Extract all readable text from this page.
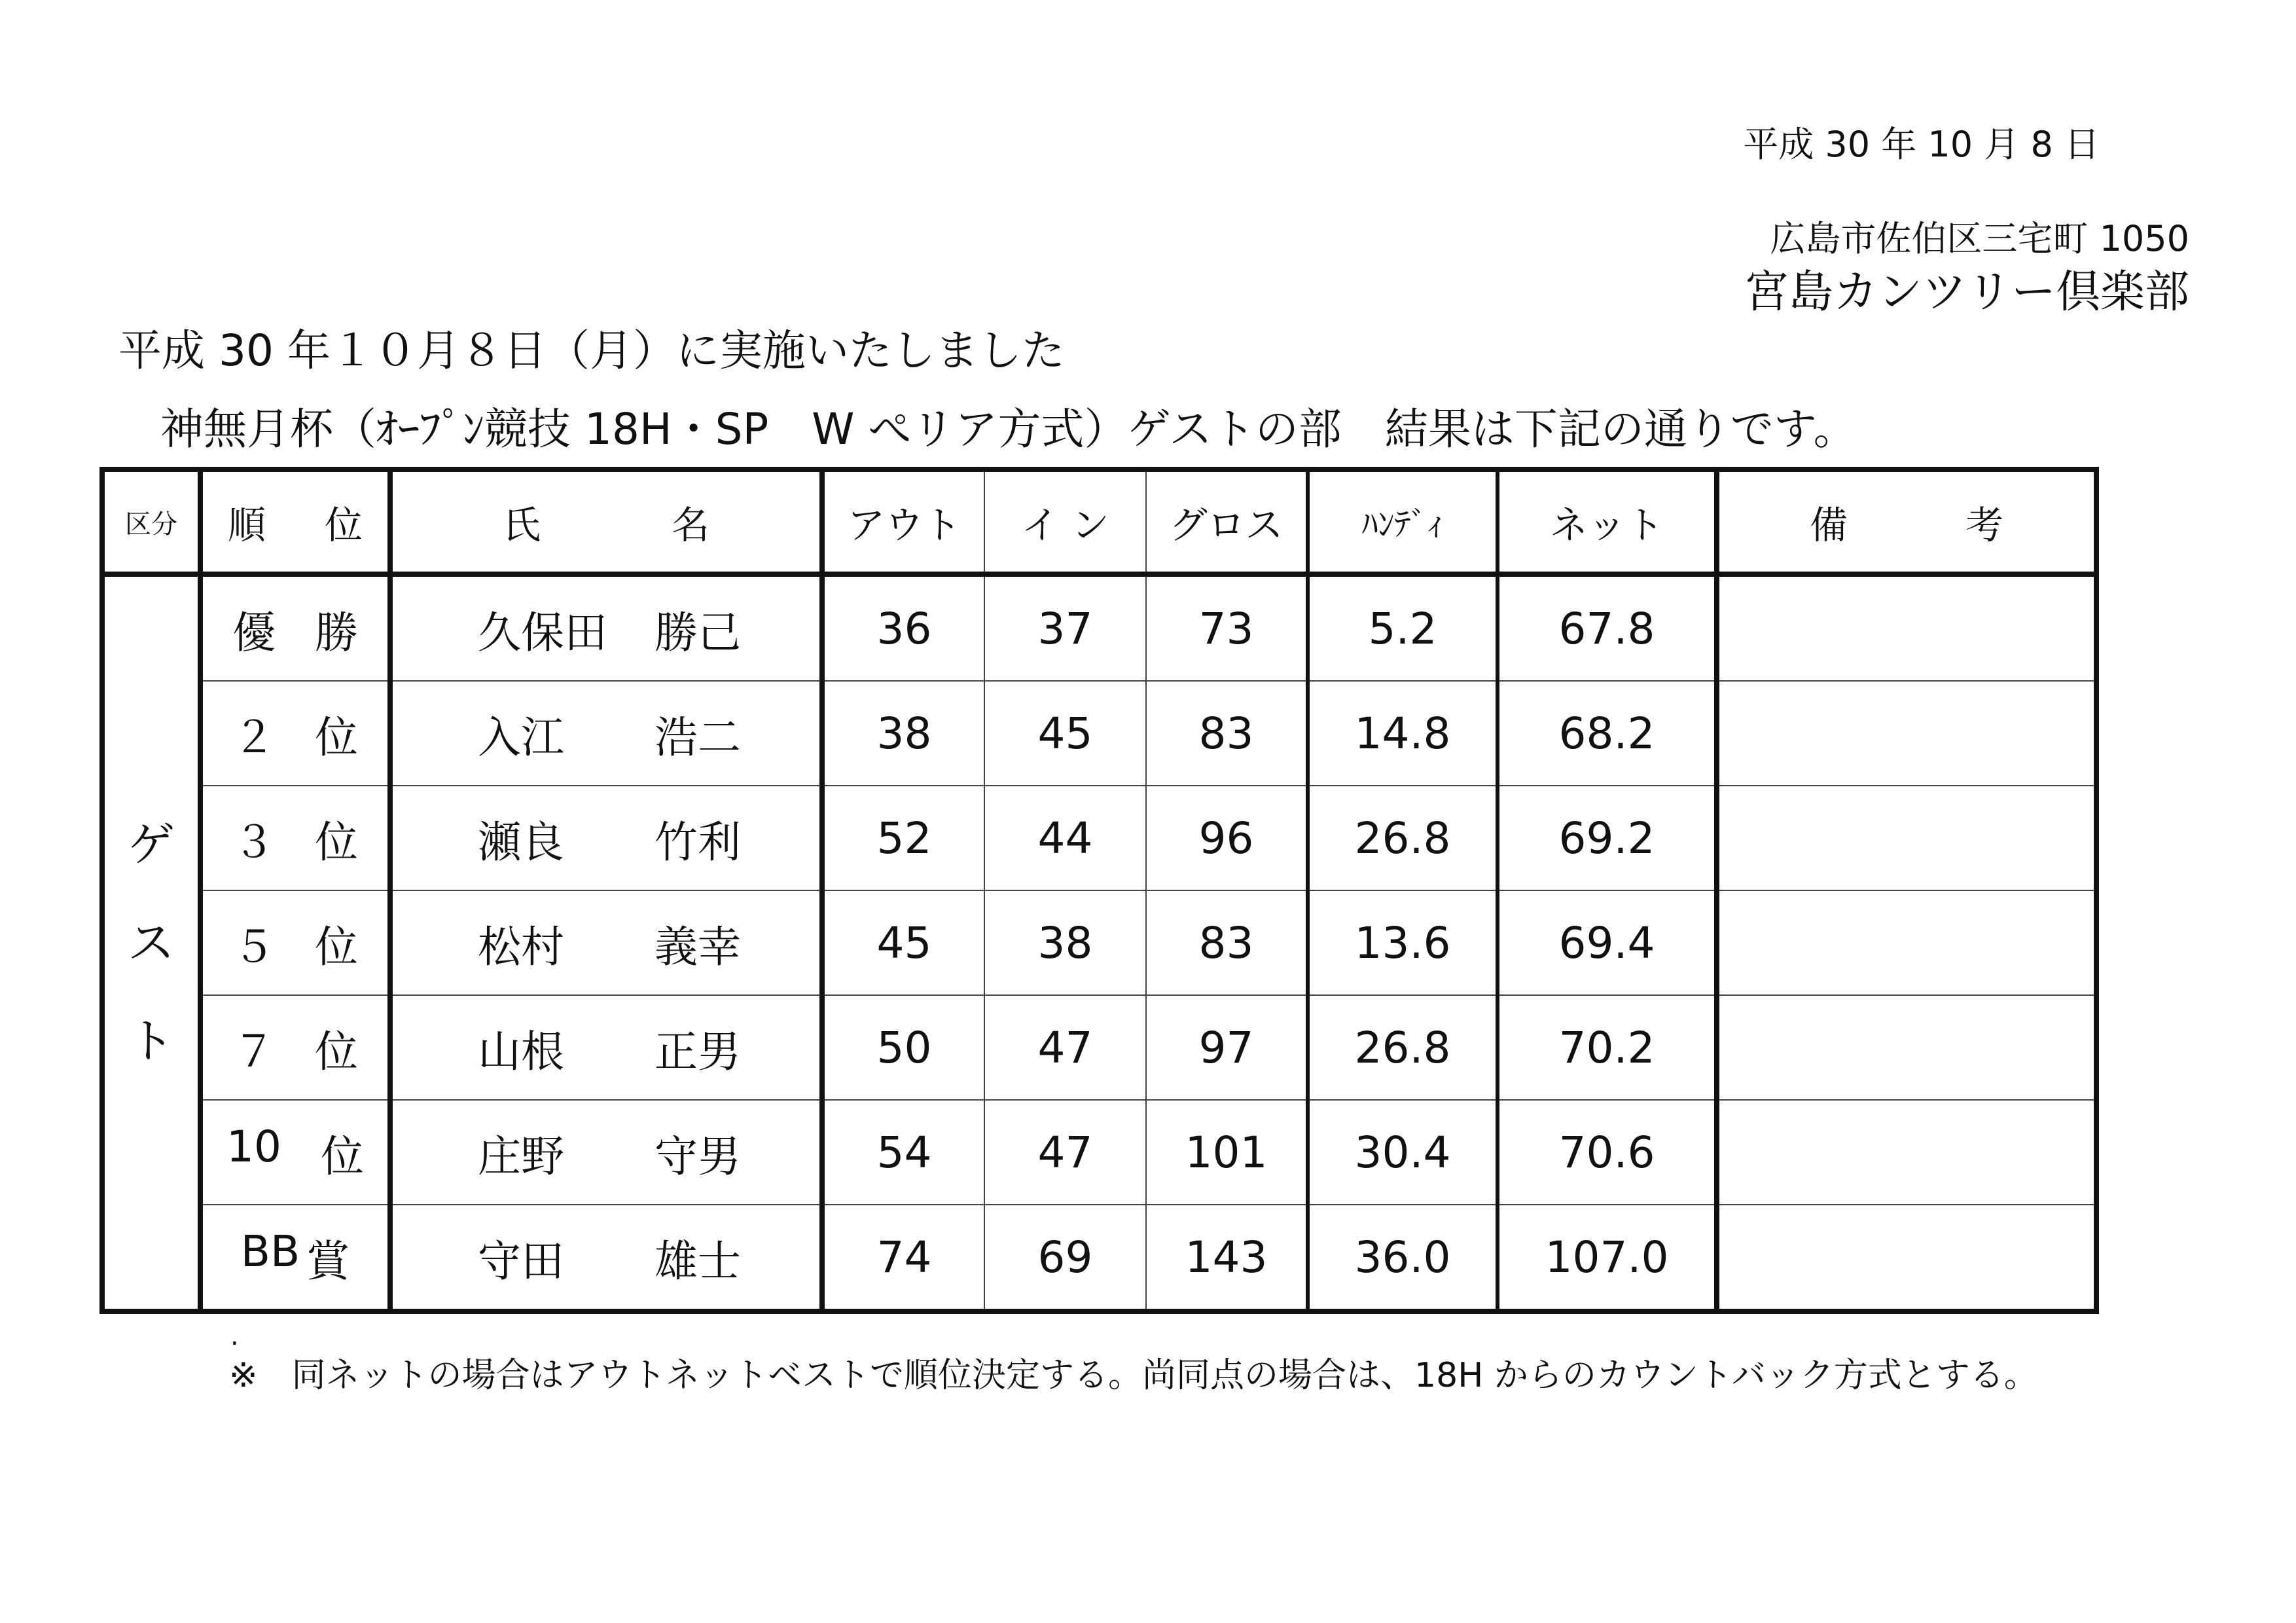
平成 30 年 10 月 8 日
広島市佐伯区三宅町 1050
宮島カンツリー倶楽部
平成 30 年１０月８日（月）に実施いたしました
神無月杯（ｵｰﾌﾟﾝ競技 18H・SP　W ぺリア方式）ゲストの部　結果は下記の通りです。
区分	順 位	氏 名	アウト	イ ン	グロス	ﾊﾝﾃﾞｨ	ネット	備 考

ゲ
ス
ト	優 勝	久保田 勝己	36	37	73	5.2	67.8	

	２ 位	入江 浩二	38	45	83	14.8	68.2	

	３ 位	瀬良 竹利	52	44	96	26.8	69.2	

	５ 位	松村 義幸	45	38	83	13.6	69.4	

	７ 位	山根 正男	50	47	97	26.8	70.2	

	10 位	庄野 守男	54	47	101	30.4	70.6	

	BB 賞	守田 雄士	74	69	143	36.0	107.0	
.
※　同ネットの場合はアウトネットベストで順位決定する。尚同点の場合は、18H からのカウントバック方式とする。
